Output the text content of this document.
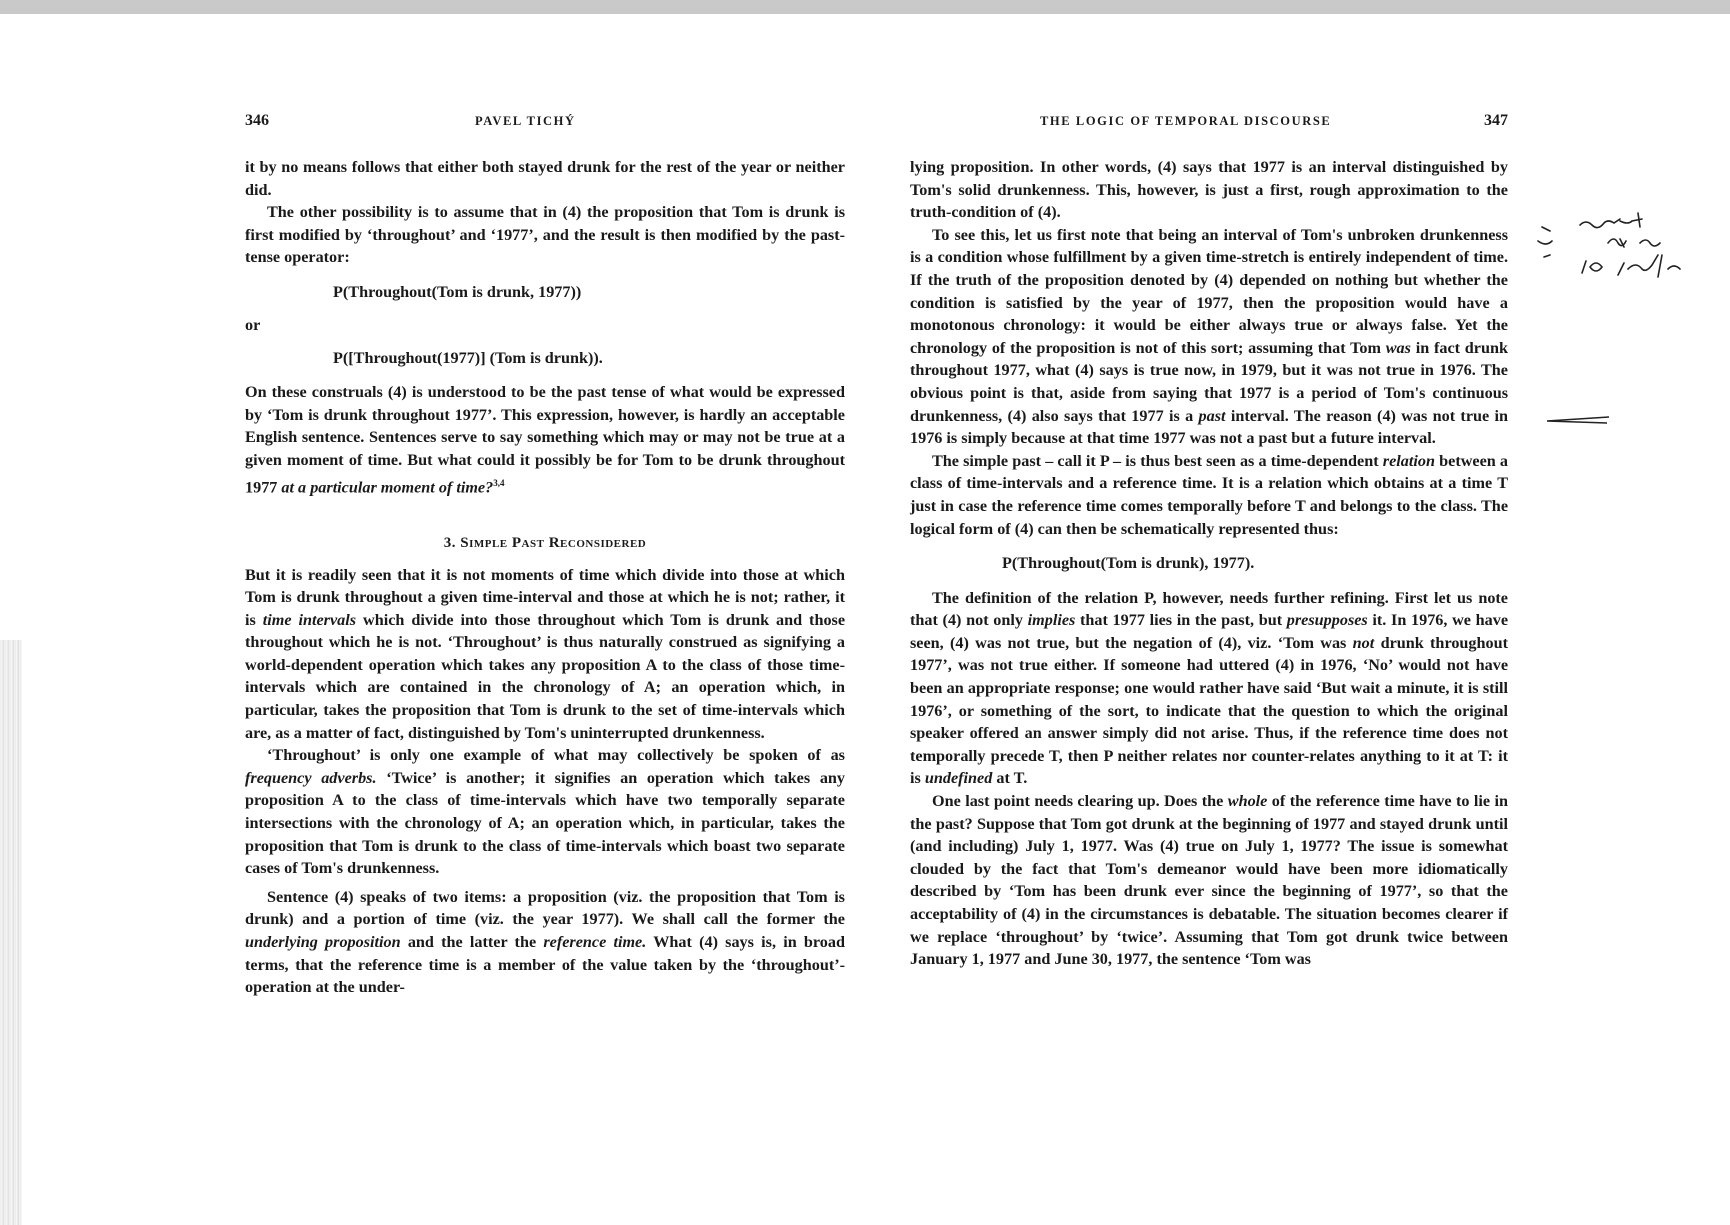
346	PAVEL TICHÝ

it by no means follows that either both stayed drunk for the rest of the year or neither did.

The other possibility is to assume that in (4) the proposition that Tom is drunk is first modified by ‘throughout’ and ‘1977’, and the result is then modified by the past-tense operator:

P(Throughout(Tom is drunk, 1977))
or
P([Throughout(1977)] (Tom is drunk)).

On these construals (4) is understood to be the past tense of what would be expressed by ‘Tom is drunk throughout 1977’. This expression, however, is hardly an acceptable English sentence. Sentences serve to say something which may or may not be true at a given moment of time. But what could it possibly be for Tom to be drunk throughout 1977 at a particular moment of time?$^{3,4}$

3. Simple Past Reconsidered

But it is readily seen that it is not moments of time which divide into those at which Tom is drunk throughout a given time-interval and those at which he is not; rather, it is time intervals which divide into those throughout which Tom is drunk and those throughout which he is not. ‘Throughout’ is thus naturally construed as signifying a world-dependent operation which takes any proposition A to the class of those time-intervals which are contained in the chronology of A; an operation which, in particular, takes the proposition that Tom is drunk to the set of time-intervals which are, as a matter of fact, distinguished by Tom's uninterrupted drunkenness.

‘Throughout’ is only one example of what may collectively be spoken of as frequency adverbs. ‘Twice’ is another; it signifies an operation which takes any proposition A to the class of time-intervals which have two temporally separate intersections with the chronology of A; an operation which, in particular, takes the proposition that Tom is drunk to the class of time-intervals which boast two separate cases of Tom's drunkenness.

Sentence (4) speaks of two items: a proposition (viz. the proposition that Tom is drunk) and a portion of time (viz. the year 1977). We shall call the former the underlying proposition and the latter the reference time. What (4) says is, in broad terms, that the reference time is a member of the value taken by the ‘throughout’-operation at the under-

THE LOGIC OF TEMPORAL DISCOURSE	347

lying proposition. In other words, (4) says that 1977 is an interval distinguished by Tom's solid drunkenness. This, however, is just a first, rough approximation to the truth-condition of (4).

To see this, let us first note that being an interval of Tom's unbroken drunkenness is a condition whose fulfillment by a given time-stretch is entirely independent of time. If the truth of the proposition denoted by (4) depended on nothing but whether the condition is satisfied by the year of 1977, then the proposition would have a monotonous chronology: it would be either always true or always false. Yet the chronology of the proposition is not of this sort; assuming that Tom was in fact drunk throughout 1977, what (4) says is true now, in 1979, but it was not true in 1976. The obvious point is that, aside from saying that 1977 is a period of Tom's continuous drunkenness, (4) also says that 1977 is a past interval. The reason (4) was not true in 1976 is simply because at that time 1977 was not a past but a future interval.

The simple past – call it P – is thus best seen as a time-dependent relation between a class of time-intervals and a reference time. It is a relation which obtains at a time T just in case the reference time comes temporally before T and belongs to the class. The logical form of (4) can then be schematically represented thus:

P(Throughout(Tom is drunk), 1977).

The definition of the relation P, however, needs further refining. First let us note that (4) not only implies that 1977 lies in the past, but presupposes it. In 1976, we have seen, (4) was not true, but the negation of (4), viz. ‘Tom was not drunk throughout 1977’, was not true either. If someone had uttered (4) in 1976, ‘No’ would not have been an appropriate response; one would rather have said ‘But wait a minute, it is still 1976’, or something of the sort, to indicate that the question to which the original speaker offered an answer simply did not arise. Thus, if the reference time does not temporally precede T, then P neither relates nor counter-relates anything to it at T: it is undefined at T.

One last point needs clearing up. Does the whole of the reference time have to lie in the past? Suppose that Tom got drunk at the beginning of 1977 and stayed drunk until (and including) July 1, 1977. Was (4) true on July 1, 1977? The issue is somewhat clouded by the fact that Tom's demeanor would have been more idiomatically described by ‘Tom has been drunk ever since the beginning of 1977’, so that the acceptability of (4) in the circumstances is debatable. The situation becomes clearer if we replace ‘throughout’ by ‘twice’. Assuming that Tom got drunk twice between January 1, 1977 and June 30, 1977, the sentence ‘Tom was
